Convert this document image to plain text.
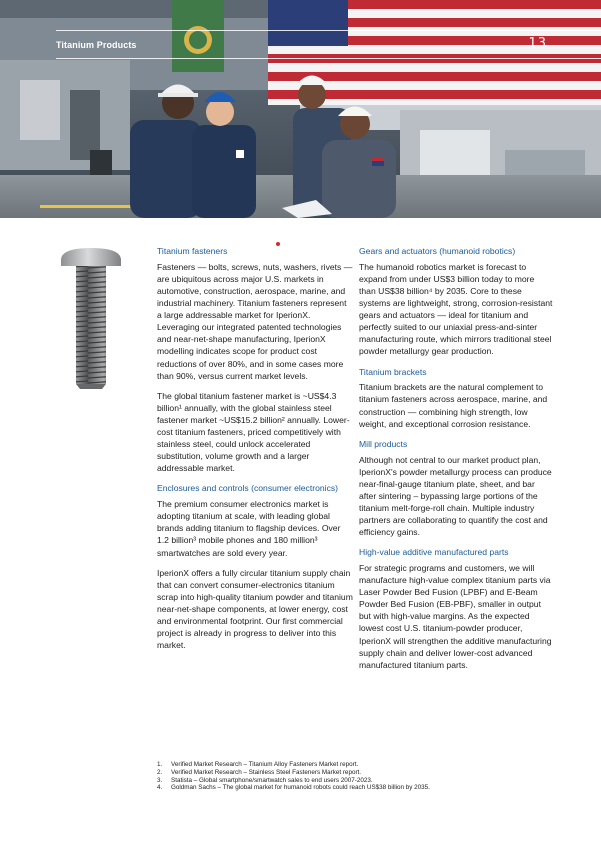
Titanium Products	13
Titanium fasteners

Fasteners — bolts, screws, nuts, washers, rivets — are ubiquitous across major U.S. markets in automotive, construction, aerospace, marine, and industrial machinery. Titanium fasteners represent a large addressable market for IperionX. Leveraging our integrated patented technologies and near-net-shape manufacturing, IperionX modelling indicates scope for product cost reductions of over 80%, and in some cases more than 90%, versus current market levels.

The global titanium fastener market is ~US$4.3 billion¹ annually, with the global stainless steel fastener market ~US$15.2 billion² annually. Lower-cost titanium fasteners, priced competitively with stainless steel, could unlock accelerated substitution, volume growth and a larger addressable market.

Enclosures and controls (consumer electronics)

The premium consumer electronics market is adopting titanium at scale, with leading global brands adding titanium to flagship devices. Over 1.2 billion³ mobile phones and 180 million³ smartwatches are sold every year.

IperionX offers a fully circular titanium supply chain that can convert consumer-electronics titanium scrap into high-quality titanium powder and titanium near-net-shape components, at lower energy, cost and environmental footprint. Our first commercial project is already in progress to deliver into this market.

Gears and actuators (humanoid robotics)

The humanoid robotics market is forecast to expand from under US$3 billion today to more than US$38 billion⁴ by 2035. Core to these systems are lightweight, strong, corrosion-resistant gears and actuators — ideal for titanium and perfectly suited to our uniaxial press-and-sinter manufacturing route, which mirrors traditional steel powder metallurgy gear production.

Titanium brackets

Titanium brackets are the natural complement to titanium fasteners across aerospace, marine, and construction — combining high strength, low weight, and exceptional corrosion resistance.

Mill products

Although not central to our market product plan, IperionX's powder metallurgy process can produce near-final-gauge titanium plate, sheet, and bar after sintering – bypassing large portions of the titanium melt-forge-roll chain. Multiple industry partners are collaborating to quantify the cost and efficiency gains.

High-value additive manufactured parts

For strategic programs and customers, we will manufacture high-value complex titanium parts via Laser Powder Bed Fusion (LPBF) and E-Beam Powder Bed Fusion (EB-PBF), smaller in output but with high-value margins. As the expected lowest cost U.S. titanium-powder producer, IperionX will strengthen the additive manufacturing supply chain and deliver lower-cost advanced manufactured titanium parts.

1.	Verified Market Research – Titanium Alloy Fasteners Market report.
2.	Verified Market Research – Stainless Steel Fasteners Market report.
3.	Statista – Global smartphone/smartwatch sales to end users 2007-2023.
4.	Goldman Sachs – The global market for humanoid robots could reach US$38 billion by 2035.
